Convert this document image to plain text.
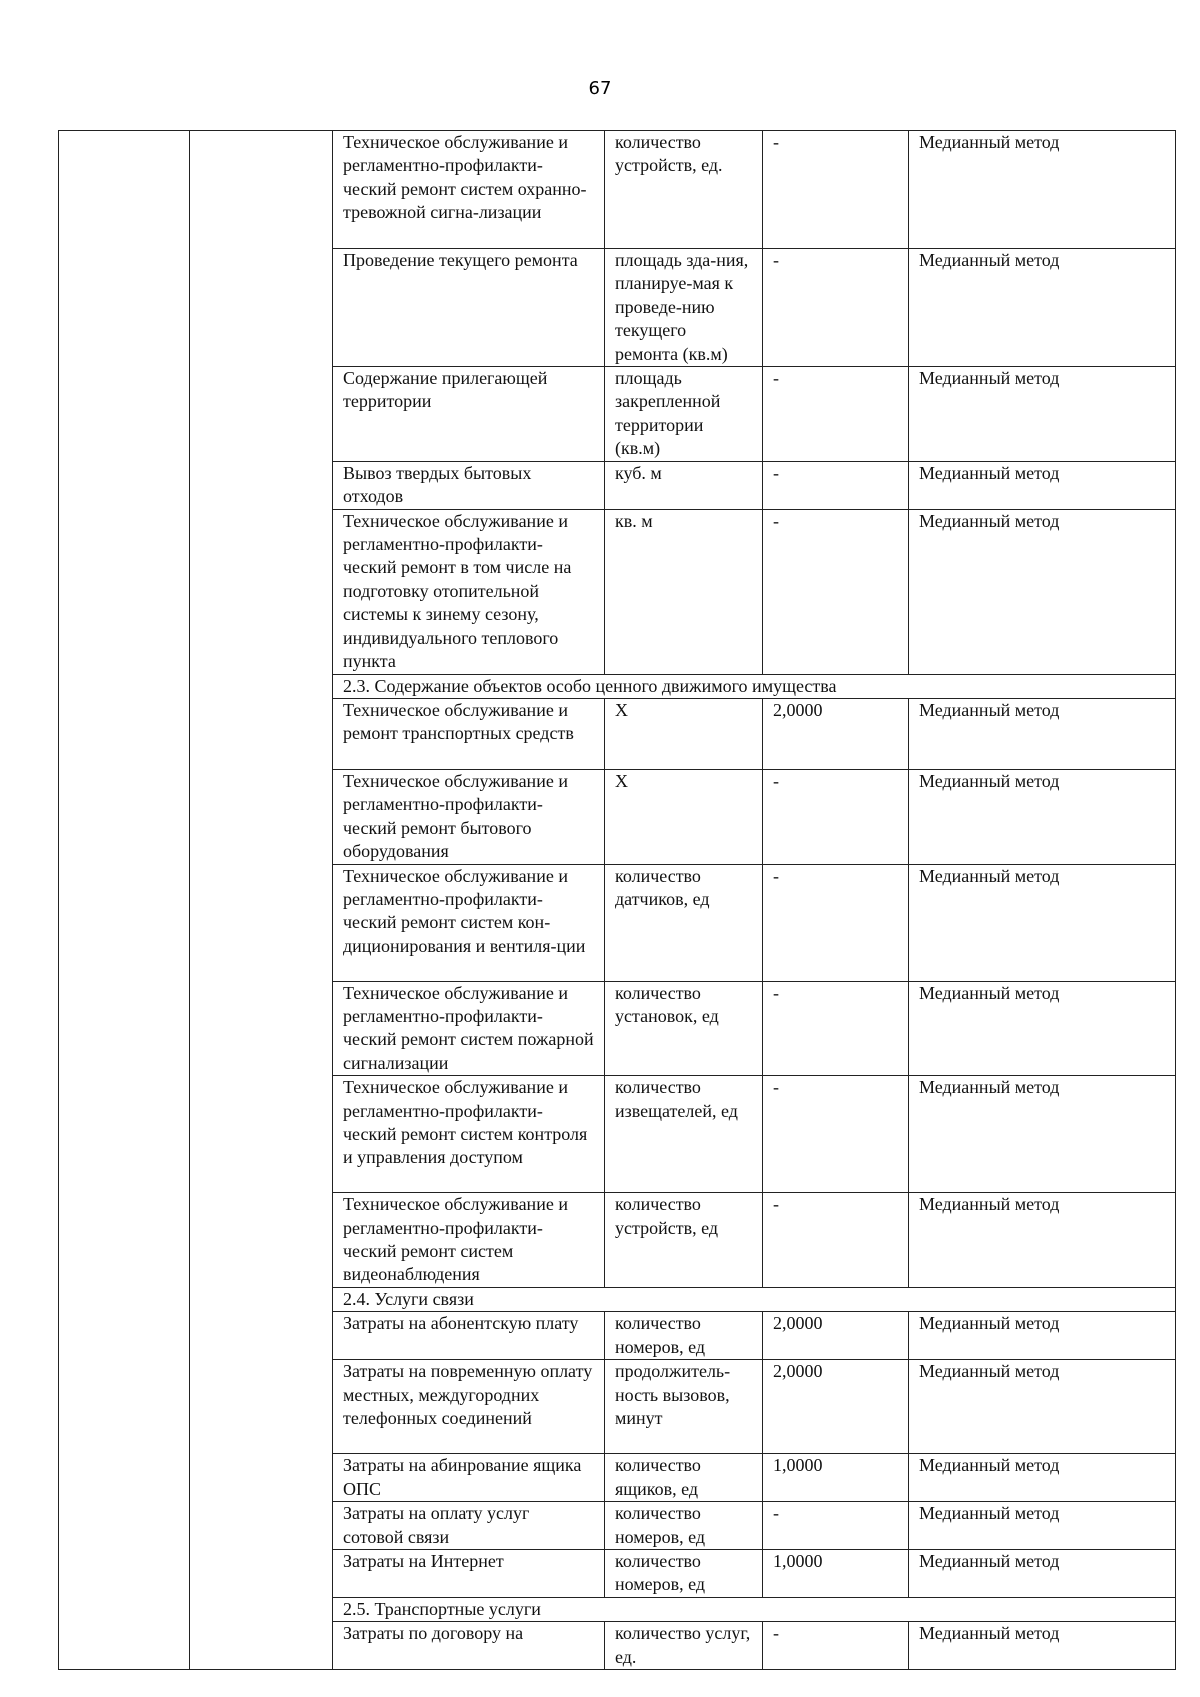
67
		Техническое обслуживание и регламентно-профилакти-ческий ремонт систем охранно-тревожной сигна-лизации	количество устройств, ед.	-	Медианный метод
		Проведение текущего ремонта	площадь зда-ния, планируе-мая к проведе-нию текущего ремонта (кв.м)	-	Медианный метод
		Содержание прилегающей территории	площадь закрепленной территории (кв.м)	-	Медианный метод
		Вывоз твердых бытовых отходов	куб. м	-	Медианный метод
		Техническое обслуживание и регламентно-профилакти-ческий ремонт в том числе на подготовку отопительной системы к зинему сезону, индивидуального теплового пункта	кв. м	-	Медианный метод
		2.3. Содержание объектов особо ценного движимого имущества			
		Техническое обслуживание и ремонт транспортных средств	Х	2,0000	Медианный метод
		Техническое обслуживание и регламентно-профилакти-ческий ремонт бытового оборудования	Х	-	Медианный метод
		Техническое обслуживание и регламентно-профилакти-ческий ремонт систем кон-диционирования и вентиля-ции	количество датчиков, ед	-	Медианный метод
		Техническое обслуживание и регламентно-профилакти-ческий ремонт систем пожарной сигнализации	количество установок, ед	-	Медианный метод
		Техническое обслуживание и регламентно-профилакти-ческий ремонт систем контроля и управления доступом	количество извещателей, ед	-	Медианный метод
		Техническое обслуживание и регламентно-профилакти-ческий ремонт систем видеонаблюдения	количество устройств, ед	-	Медианный метод
		2.4. Услуги связи			
		Затраты на абонентскую плату	количество номеров, ед	2,0000	Медианный метод
		Затраты на повременную оплату местных, междугородних телефонных соединений	продолжитель-ность вызовов, минут	2,0000	Медианный метод
		Затраты на абинрование ящика ОПС	количество ящиков, ед	1,0000	Медианный метод
		Затраты на оплату услуг сотовой связи	количество номеров, ед	-	Медианный метод
		Затраты на Интернет	количество номеров, ед	1,0000	Медианный метод
		2.5. Транспортные услуги			
		Затраты по договору на	количество услуг, ед.	-	Медианный метод
